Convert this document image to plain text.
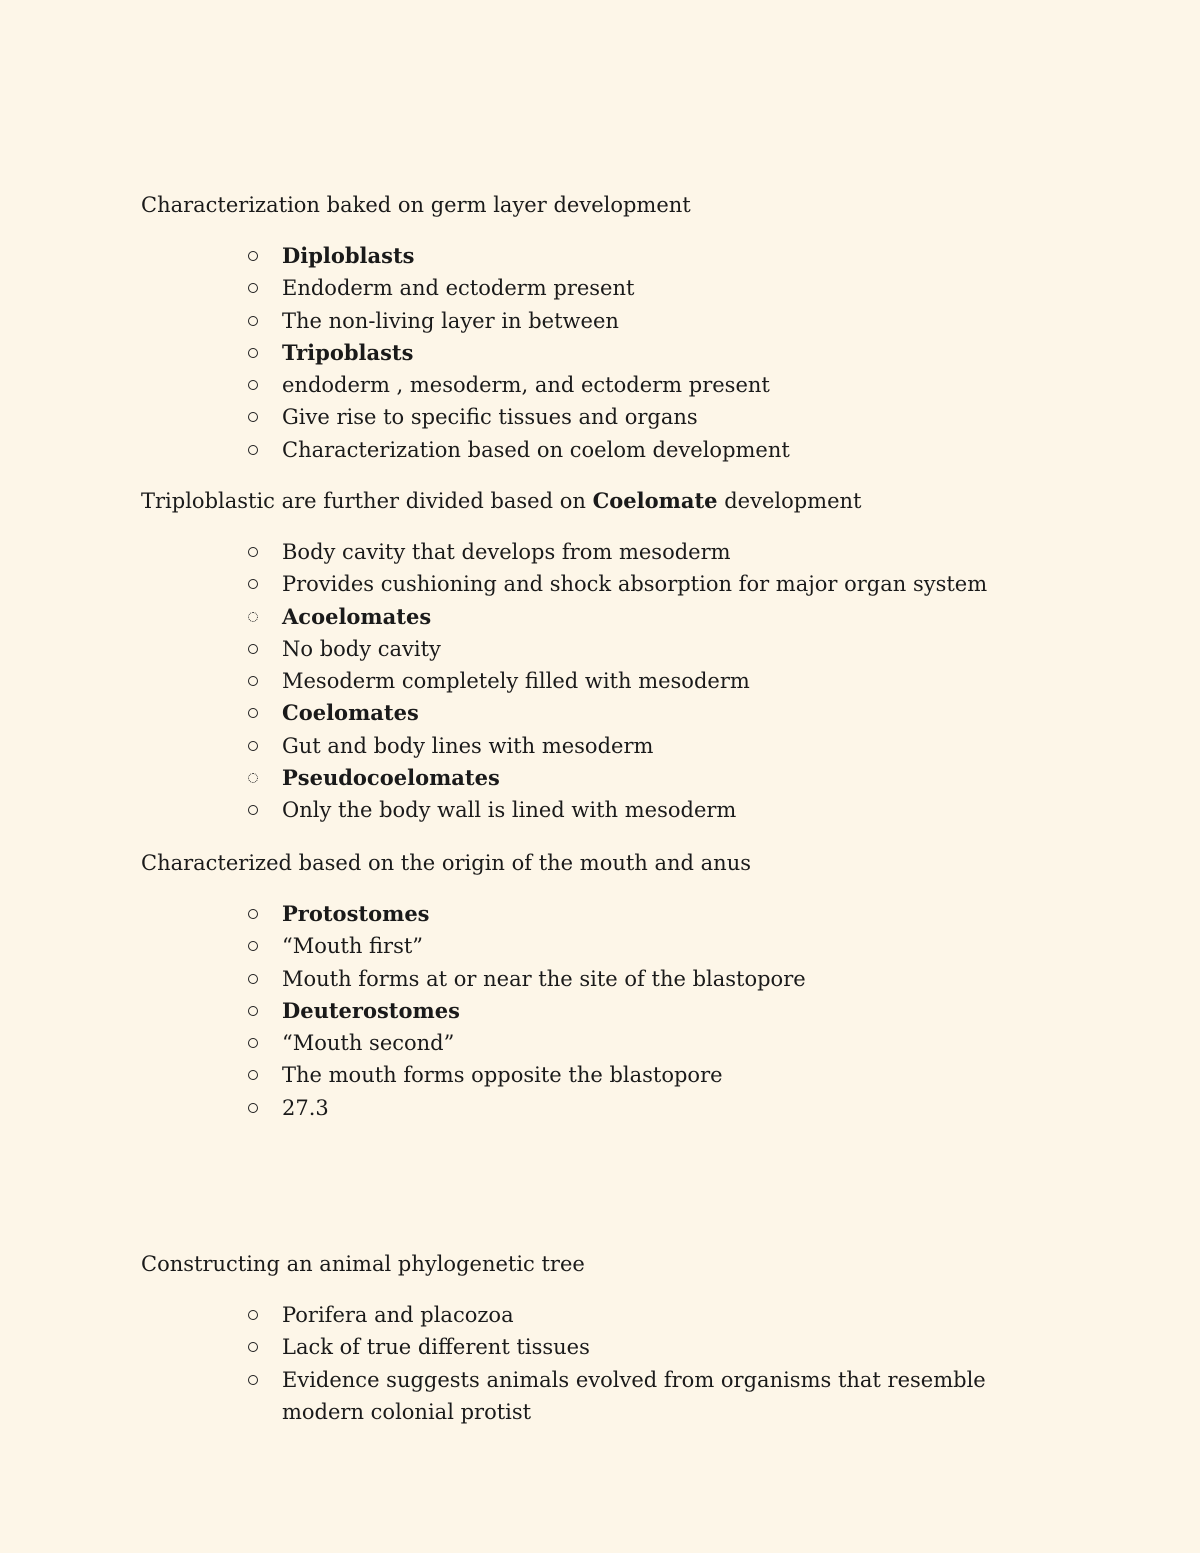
Characterization baked on germ layer development

Diploblasts
Endoderm and ectoderm present
The non-living layer in between
Tripoblasts
endoderm , mesoderm, and ectoderm present
Give rise to specific tissues and organs
Characterization based on coelom development

Triploblastic are further divided based on Coelomate development

Body cavity that develops from mesoderm
Provides cushioning and shock absorption for major organ system
Acoelomates
No body cavity
Mesoderm completely filled with mesoderm
Coelomates
Gut and body lines with mesoderm
Pseudocoelomates
Only the body wall is lined with mesoderm

Characterized based on the origin of the mouth and anus

Protostomes
“Mouth first”
Mouth forms at or near the site of the blastopore
Deuterostomes
“Mouth second”
The mouth forms opposite the blastopore
27.3

Constructing an animal phylogenetic tree

Porifera and placozoa
Lack of true different tissues
Evidence suggests animals evolved from organisms that resemble modern colonial protist
